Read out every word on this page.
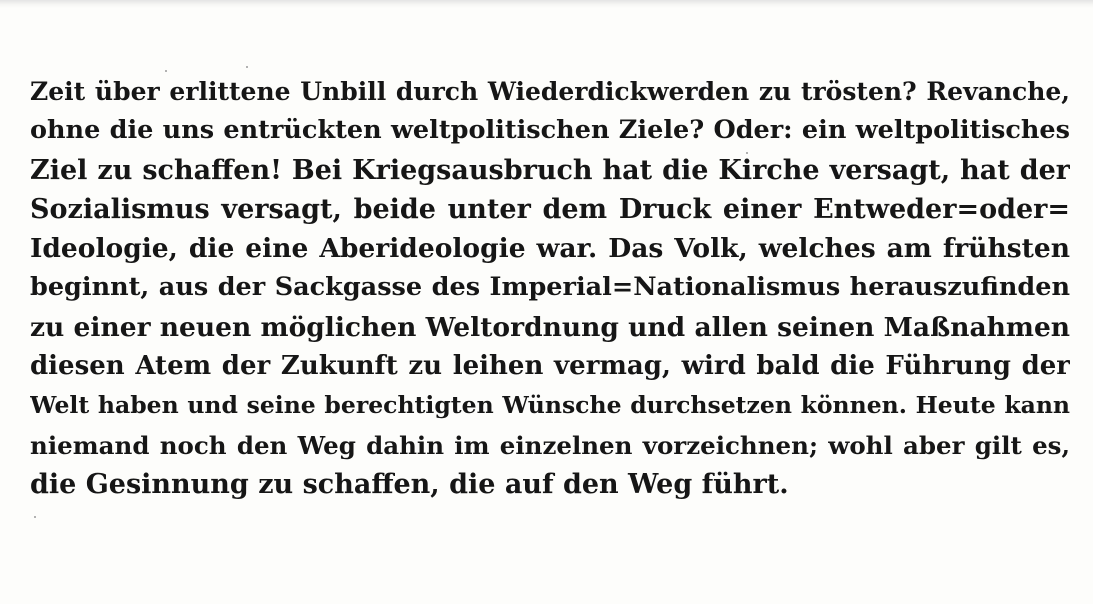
Zeit über erlittene Unbill durch Wiederdickwerden zu trösten? Revanche,
ohne die uns entrückten weltpolitischen Ziele? Oder: ein weltpolitisches
Ziel zu schaffen! Bei Kriegsausbruch hat die Kirche versagt, hat der
Sozialismus versagt, beide unter dem Druck einer Entweder=oder=
Ideologie, die eine Aberideologie war. Das Volk, welches am frühsten
beginnt, aus der Sackgasse des Imperial=Nationalismus herauszufinden
zu einer neuen möglichen Weltordnung und allen seinen Maßnahmen
diesen Atem der Zukunft zu leihen vermag, wird bald die Führung der
Welt haben und seine berechtigten Wünsche durchsetzen können. Heute kann
niemand noch den Weg dahin im einzelnen vorzeichnen; wohl aber gilt es,
die Gesinnung zu schaffen, die auf den Weg führt.
